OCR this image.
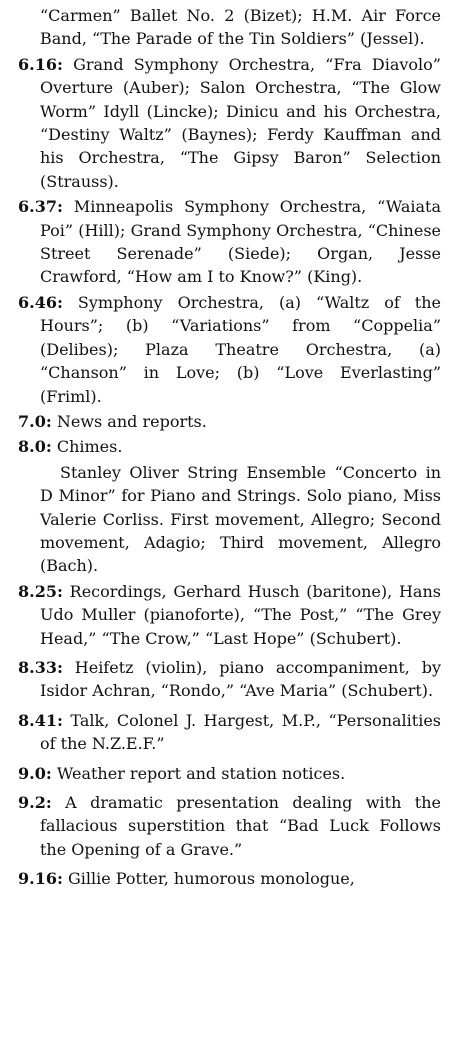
“Carmen” Ballet No. 2 (Bizet); H.M. Air Force Band, “The Parade of the Tin Soldiers” (Jessel).

6.16: Grand Symphony Orchestra, “Fra Diavolo” Overture (Auber); Salon Orchestra, “The Glow Worm” Idyll (Lincke); Dinicu and his Orchestra, “Destiny Waltz” (Baynes); Ferdy Kauffman and his Orchestra, “The Gipsy Baron” Selection (Strauss).

6.37: Minneapolis Symphony Orchestra, “Waiata Poi” (Hill); Grand Symphony Orchestra, “Chinese Street Serenade” (Siede); Organ, Jesse Crawford, “How am I to Know?” (King).

6.46: Symphony Orchestra, (a) “Waltz of the Hours”; (b) “Variations” from “Coppelia” (Delibes); Plaza Theatre Orchestra, (a) “Chanson” in Love; (b) “Love Everlasting” (Friml).

7.0: News and reports.

8.0: Chimes.

Stanley Oliver String Ensemble “Concerto in D Minor” for Piano and Strings. Solo piano, Miss Valerie Corliss. First movement, Allegro; Second movement, Adagio; Third movement, Allegro (Bach).

8.25: Recordings, Gerhard Husch (baritone), Hans Udo Muller (pianoforte), “The Post,” “The Grey Head,” “The Crow,” “Last Hope” (Schubert).

8.33: Heifetz (violin), piano accompaniment, by Isidor Achran, “Rondo,” “Ave Maria” (Schubert).

8.41: Talk, Colonel J. Hargest, M.P., “Personalities of the N.Z.E.F.”

9.0: Weather report and station notices.

9.2: A dramatic presentation dealing with the fallacious superstition that “Bad Luck Follows the Opening of a Grave.”

9.16: Gillie Potter, humorous monologue,
